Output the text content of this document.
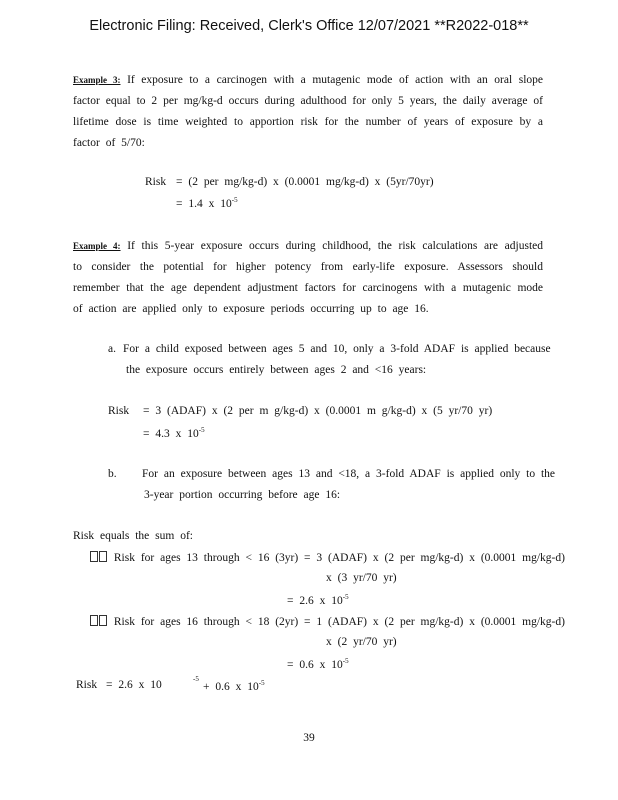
Electronic Filing: Received, Clerk's Office 12/07/2021 **R2022-018**
Example 3: If exposure to a carcinogen with a mutagenic mode of action with an oral slope factor equal to 2 per mg/kg-d occurs during adulthood for only 5 years, the daily average of lifetime dose is time weighted to apportion risk for the number of years of exposure by a factor of 5/70:
Risk = (2 per mg/kg-d) x (0.0001 mg/kg-d) x (5yr/70yr)
= 1.4 x $10^{-5}$
Example 4: If this 5-year exposure occurs during childhood, the risk calculations are adjusted to consider the potential for higher potency from early-life exposure. Assessors should remember that the age dependent adjustment factors for carcinogens with a mutagenic mode of action are applied only to exposure periods occurring up to age 16.
a. For a child exposed between ages 5 and 10, only a 3-fold ADAF is applied because
the exposure occurs entirely between ages 2 and <16 years:
Risk = 3 (ADAF) x (2 per m g/kg-d) x (0.0001 m g/kg-d) x (5 yr/70 yr)
= 4.3 x $10^{-5}$
b. For an exposure between ages 13 and <18, a 3-fold ADAF is applied only to the
3-year portion occurring before age 16:
Risk equals the sum of:
Risk for ages 13 through < 16 (3yr) = 3 (ADAF) x (2 per mg/kg-d) x (0.0001 mg/kg-d)
x (3 yr/70 yr)
= 2.6 x $10^{-5}$
Risk for ages 16 through < 18 (2yr) = 1 (ADAF) x (2 per mg/kg-d) x (0.0001 mg/kg-d)
x (2 yr/70 yr)
= 0.6 x $10^{-5}$
Risk = 2.6 x 10	-5
+ 0.6 x $10^{-5}$
39
